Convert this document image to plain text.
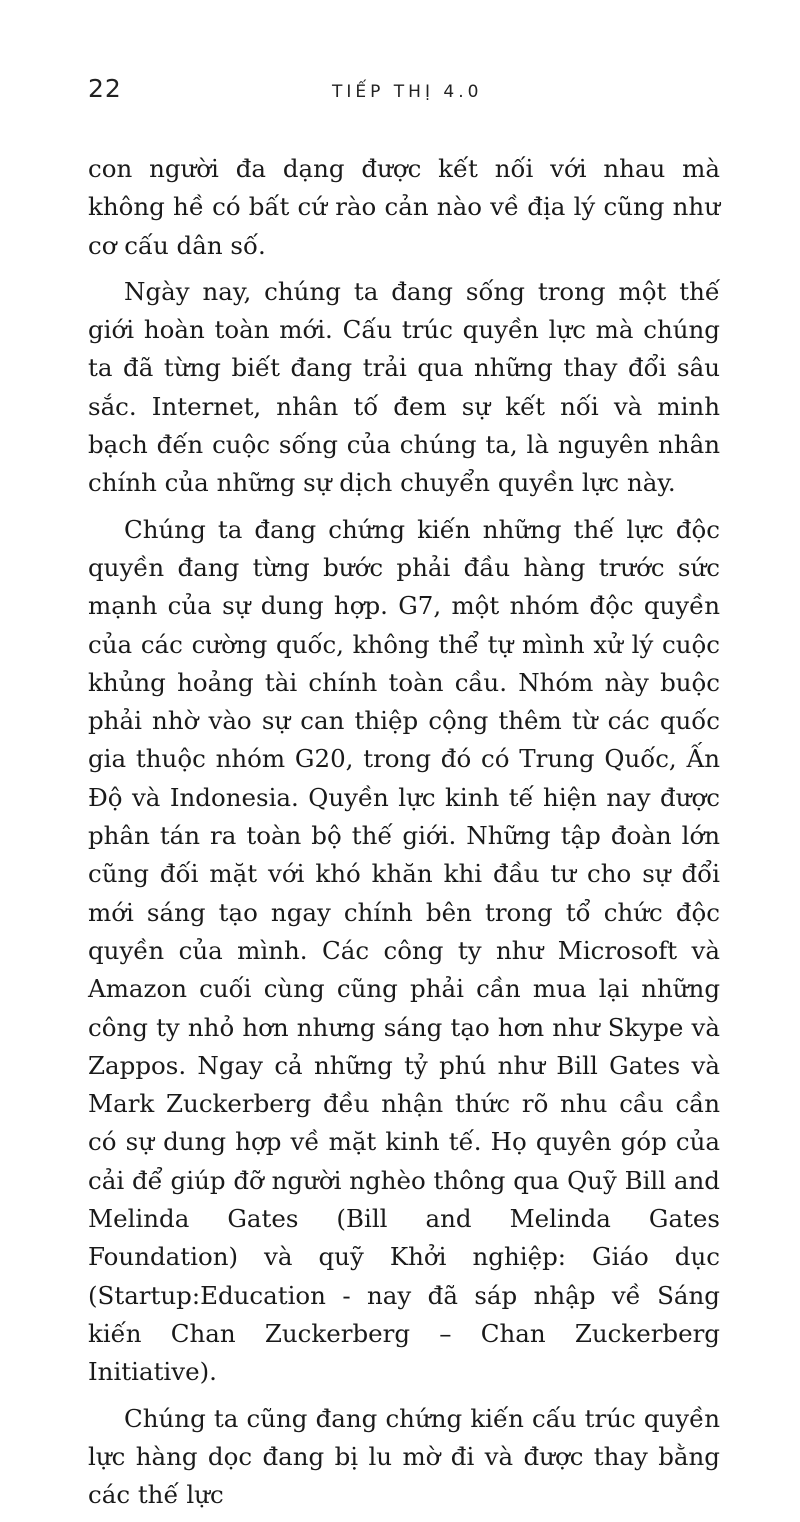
22	TIẾP THỊ 4.0

con người đa dạng được kết nối với nhau mà không hề có bất cứ rào cản nào về địa lý cũng như cơ cấu dân số.

Ngày nay, chúng ta đang sống trong một thế giới hoàn toàn mới. Cấu trúc quyền lực mà chúng ta đã từng biết đang trải qua những thay đổi sâu sắc. Internet, nhân tố đem sự kết nối và minh bạch đến cuộc sống của chúng ta, là nguyên nhân chính của những sự dịch chuyển quyền lực này.

Chúng ta đang chứng kiến những thế lực độc quyền đang từng bước phải đầu hàng trước sức mạnh của sự dung hợp. G7, một nhóm độc quyền của các cường quốc, không thể tự mình xử lý cuộc khủng hoảng tài chính toàn cầu. Nhóm này buộc phải nhờ vào sự can thiệp cộng thêm từ các quốc gia thuộc nhóm G20, trong đó có Trung Quốc, Ấn Độ và Indonesia. Quyền lực kinh tế hiện nay được phân tán ra toàn bộ thế giới. Những tập đoàn lớn cũng đối mặt với khó khăn khi đầu tư cho sự đổi mới sáng tạo ngay chính bên trong tổ chức độc quyền của mình. Các công ty như Microsoft và Amazon cuối cùng cũng phải cần mua lại những công ty nhỏ hơn nhưng sáng tạo hơn như Skype và Zappos. Ngay cả những tỷ phú như Bill Gates và Mark Zuckerberg đều nhận thức rõ nhu cầu cần có sự dung hợp về mặt kinh tế. Họ quyên góp của cải để giúp đỡ người nghèo thông qua Quỹ Bill and Melinda Gates (Bill and Melinda Gates Foundation) và quỹ Khởi nghiệp: Giáo dục (Startup:Education - nay đã sáp nhập về Sáng kiến Chan Zuckerberg – Chan Zuckerberg Initiative).

Chúng ta cũng đang chứng kiến cấu trúc quyền lực hàng dọc đang bị lu mờ đi và được thay bằng các thế lực
